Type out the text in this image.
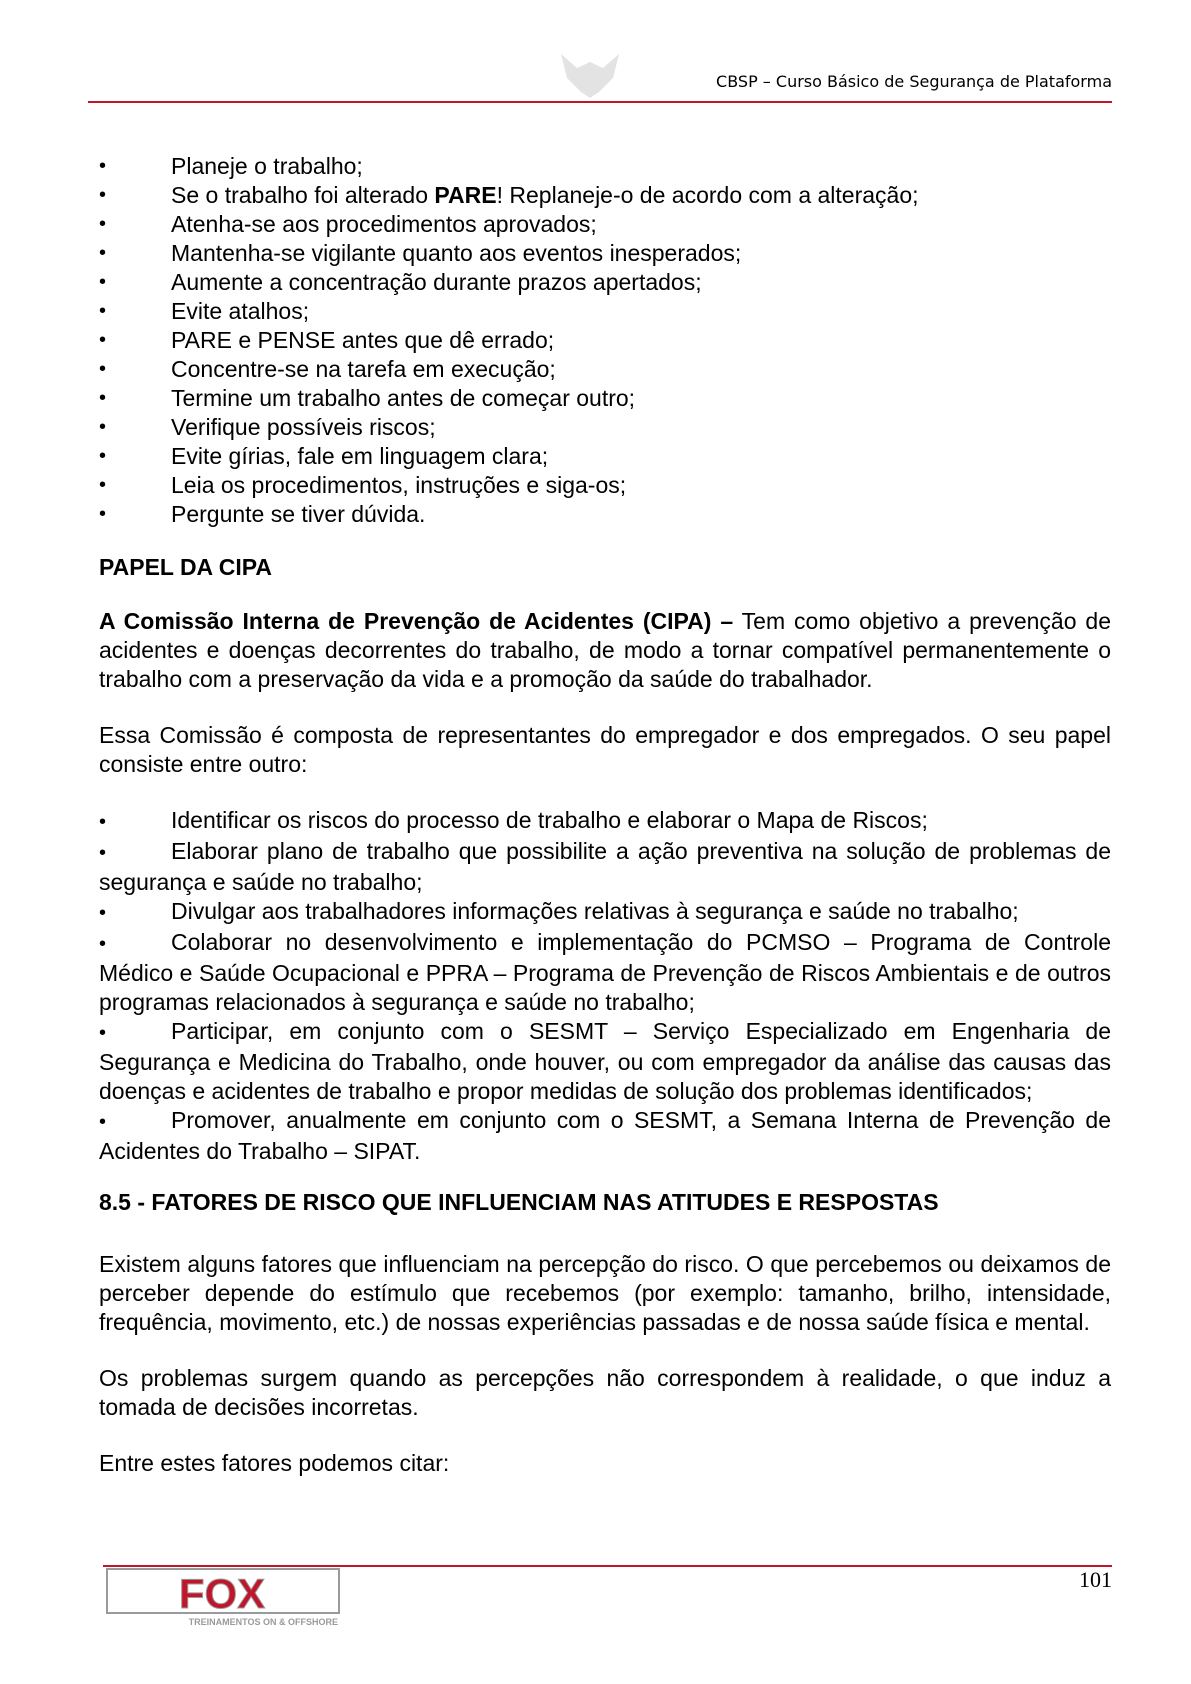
CBSP – Curso Básico de Segurança de Plataforma
• Planeje o trabalho;
• Se o trabalho foi alterado PARE! Replaneje-o de acordo com a alteração;
• Atenha-se aos procedimentos aprovados;
• Mantenha-se vigilante quanto aos eventos inesperados;
• Aumente a concentração durante prazos apertados;
• Evite atalhos;
• PARE e PENSE antes que dê errado;
• Concentre-se na tarefa em execução;
• Termine um trabalho antes de começar outro;
• Verifique possíveis riscos;
• Evite gírias, fale em linguagem clara;
• Leia os procedimentos, instruções e siga-os;
• Pergunte se tiver dúvida.
PAPEL DA CIPA

A Comissão Interna de Prevenção de Acidentes (CIPA) – Tem como objetivo a prevenção de acidentes e doenças decorrentes do trabalho, de modo a tornar compatível permanentemente o trabalho com a preservação da vida e a promoção da saúde do trabalhador.

Essa Comissão é composta de representantes do empregador e dos empregados. O seu papel consiste entre outro:

•	Identificar os riscos do processo de trabalho e elaborar o Mapa de Riscos;
•	Elaborar plano de trabalho que possibilite a ação preventiva na solução de problemas de segurança e saúde no trabalho;
•	Divulgar aos trabalhadores informações relativas à segurança e saúde no trabalho;
•	Colaborar no desenvolvimento e implementação do PCMSO – Programa de Controle Médico e Saúde Ocupacional e PPRA – Programa de Prevenção de Riscos Ambientais e de outros programas relacionados à segurança e saúde no trabalho;
•	Participar, em conjunto com o SESMT – Serviço Especializado em Engenharia de Segurança e Medicina do Trabalho, onde houver, ou com empregador da análise das causas das doenças e acidentes de trabalho e propor medidas de solução dos problemas identificados;
•	Promover, anualmente em conjunto com o SESMT, a Semana Interna de Prevenção de Acidentes do Trabalho – SIPAT.
8.5 - FATORES DE RISCO QUE INFLUENCIAM NAS ATITUDES E RESPOSTAS

Existem alguns fatores que influenciam na percepção do risco. O que percebemos ou deixamos de perceber depende do estímulo que recebemos (por exemplo: tamanho, brilho, intensidade, frequência, movimento, etc.) de nossas experiências passadas e de nossa saúde física e mental.

Os problemas surgem quando as percepções não correspondem à realidade, o que induz a tomada de decisões incorretas.

Entre estes fatores podemos citar:

FOX
TREINAMENTOS ON & OFFSHORE
101
